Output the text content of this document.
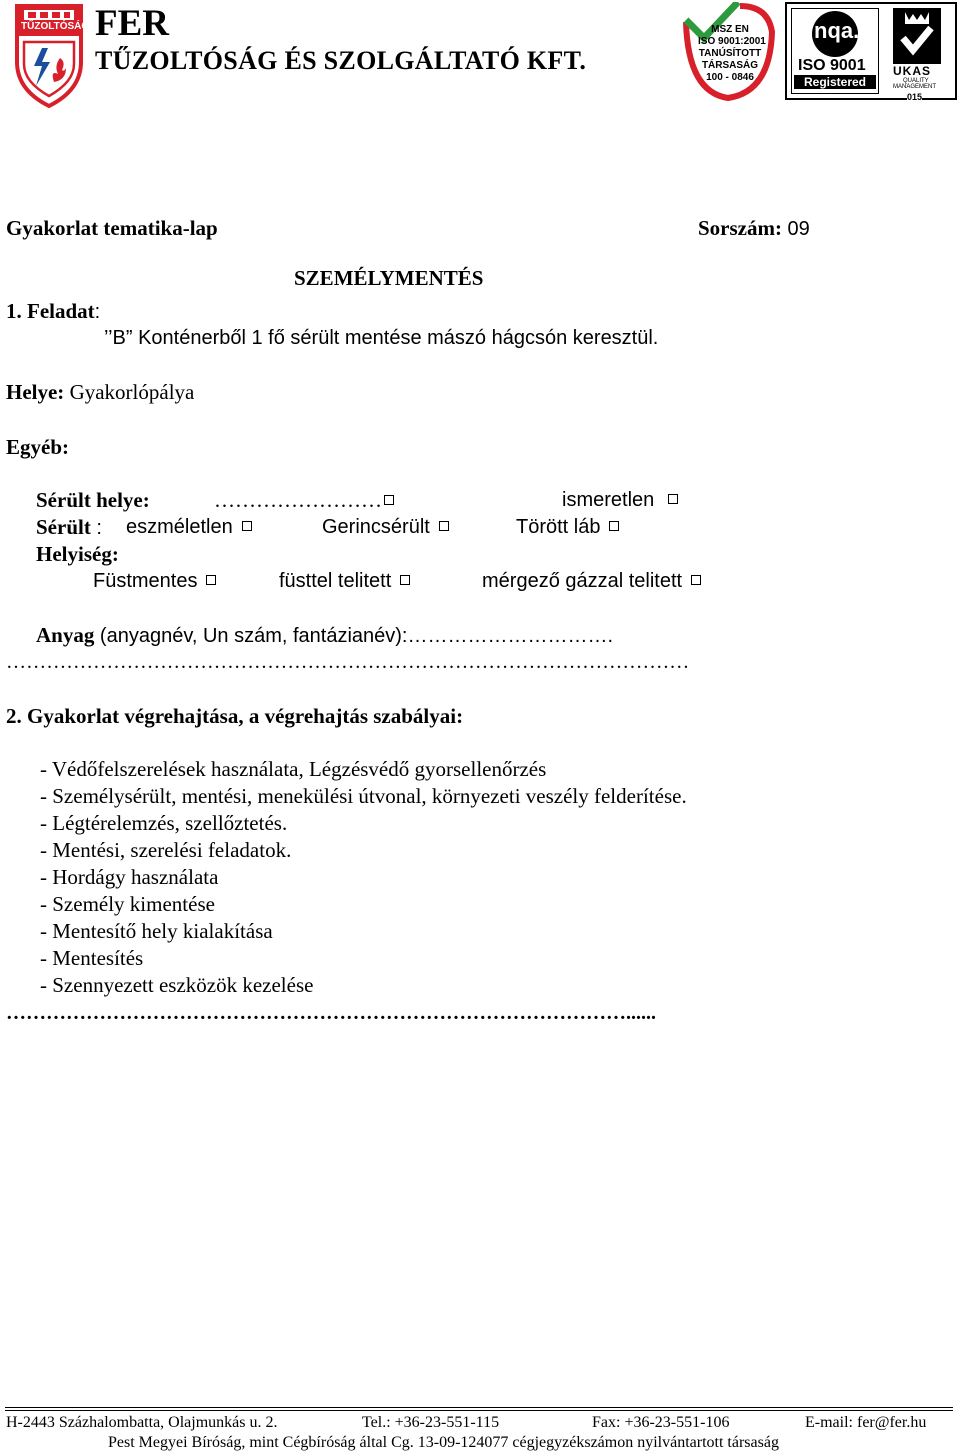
TŰZOLTÓSÁG FER
TŰZOLTÓSÁG ÉS SZOLGÁLTATÓ KFT.
MSZ EN
ISO 9001:2001
TANÚSÍTOTT
TÁRSASÁG
100 - 0846
nqa.
ISO 9001
Registered
UKAS
QUALITY
MANAGEMENT
015
Gyakorlat tematika-lap	Sorszám: 09
SZEMÉLYMENTÉS
1. Feladat:
’’B” Konténerből 1 fő sérült mentése mászó hágcsón keresztül.
Helye: Gyakorlópálya
Egyéb:
Sérült helye:	……………………	ismeretlen
Sérült : eszméletlen	Gerincsérült	Törött láb
Helyiség:
Füstmentes	füsttel telitett	mérgező gázzal telitett
Anyag (anyagnév, Un szám, fantázianév):………………………….
…………………………………………………………………………………………
2. Gyakorlat végrehajtása, a végrehajtás szabályai:
- Védőfelszerelések használata, Légzésvédő gyorsellenőrzés
- Személysérült, mentési, menekülési útvonal, környezeti veszély felderítése.
- Légtérelemzés, szellőztetés.
- Mentési, szerelési feladatok.
- Hordágy használata
- Személy kimentése
- Mentesítő hely kialakítása
- Mentesítés
- Szennyezett eszközök kezelése
…………………………………………………………………………………......
H-2443 Százhalombatta, Olajmunkás u. 2.	Tel.: +36-23-551-115	Fax: +36-23-551-106	E-mail: fer@fer.hu
Pest Megyei Bíróság, mint Cégbíróság által Cg. 13-09-124077 cégjegyzékszámon nyilvántartott társaság
